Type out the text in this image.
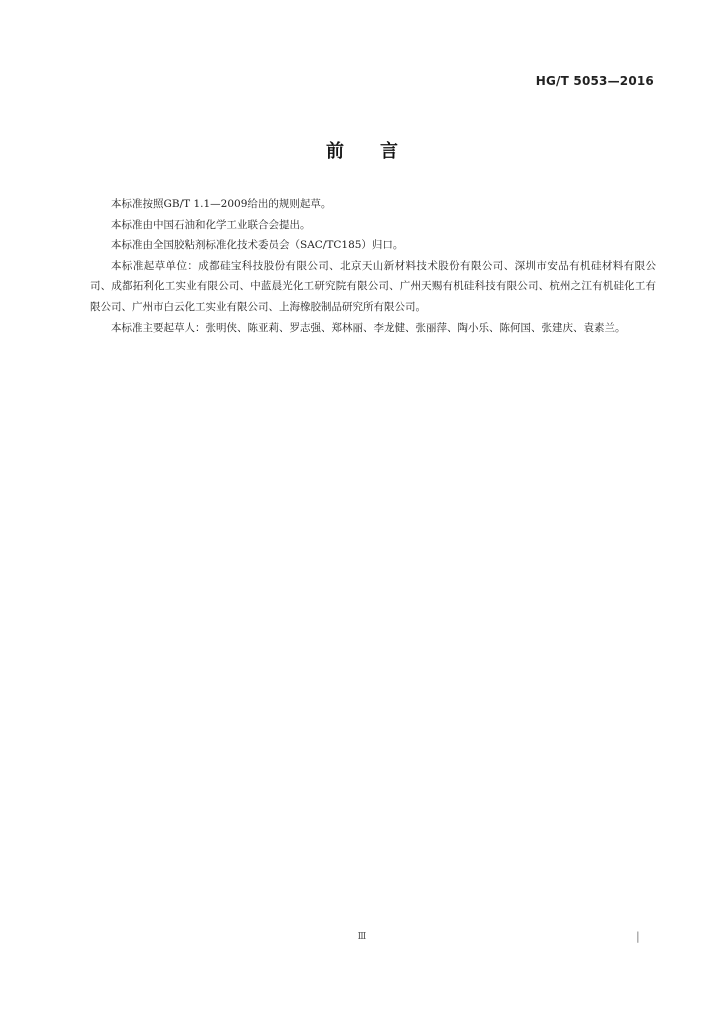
HG/T 5053—2016
前言

本标准按照GB/T 1.1—2009给出的规则起草。

本标准由中国石油和化学工业联合会提出。

本标准由全国胶粘剂标准化技术委员会（SAC/TC185）归口。

本标准起草单位：成都硅宝科技股份有限公司、北京天山新材料技术股份有限公司、深圳市安品有机硅材料有限公司、成都拓利化工实业有限公司、中蓝晨光化工研究院有限公司、广州天赐有机硅科技有限公司、杭州之江有机硅化工有限公司、广州市白云化工实业有限公司、上海橡胶制品研究所有限公司。

本标准主要起草人：张明侠、陈亚莉、罗志强、郑林丽、李龙健、张丽萍、陶小乐、陈何国、张建庆、袁素兰。

Ⅲ	|
